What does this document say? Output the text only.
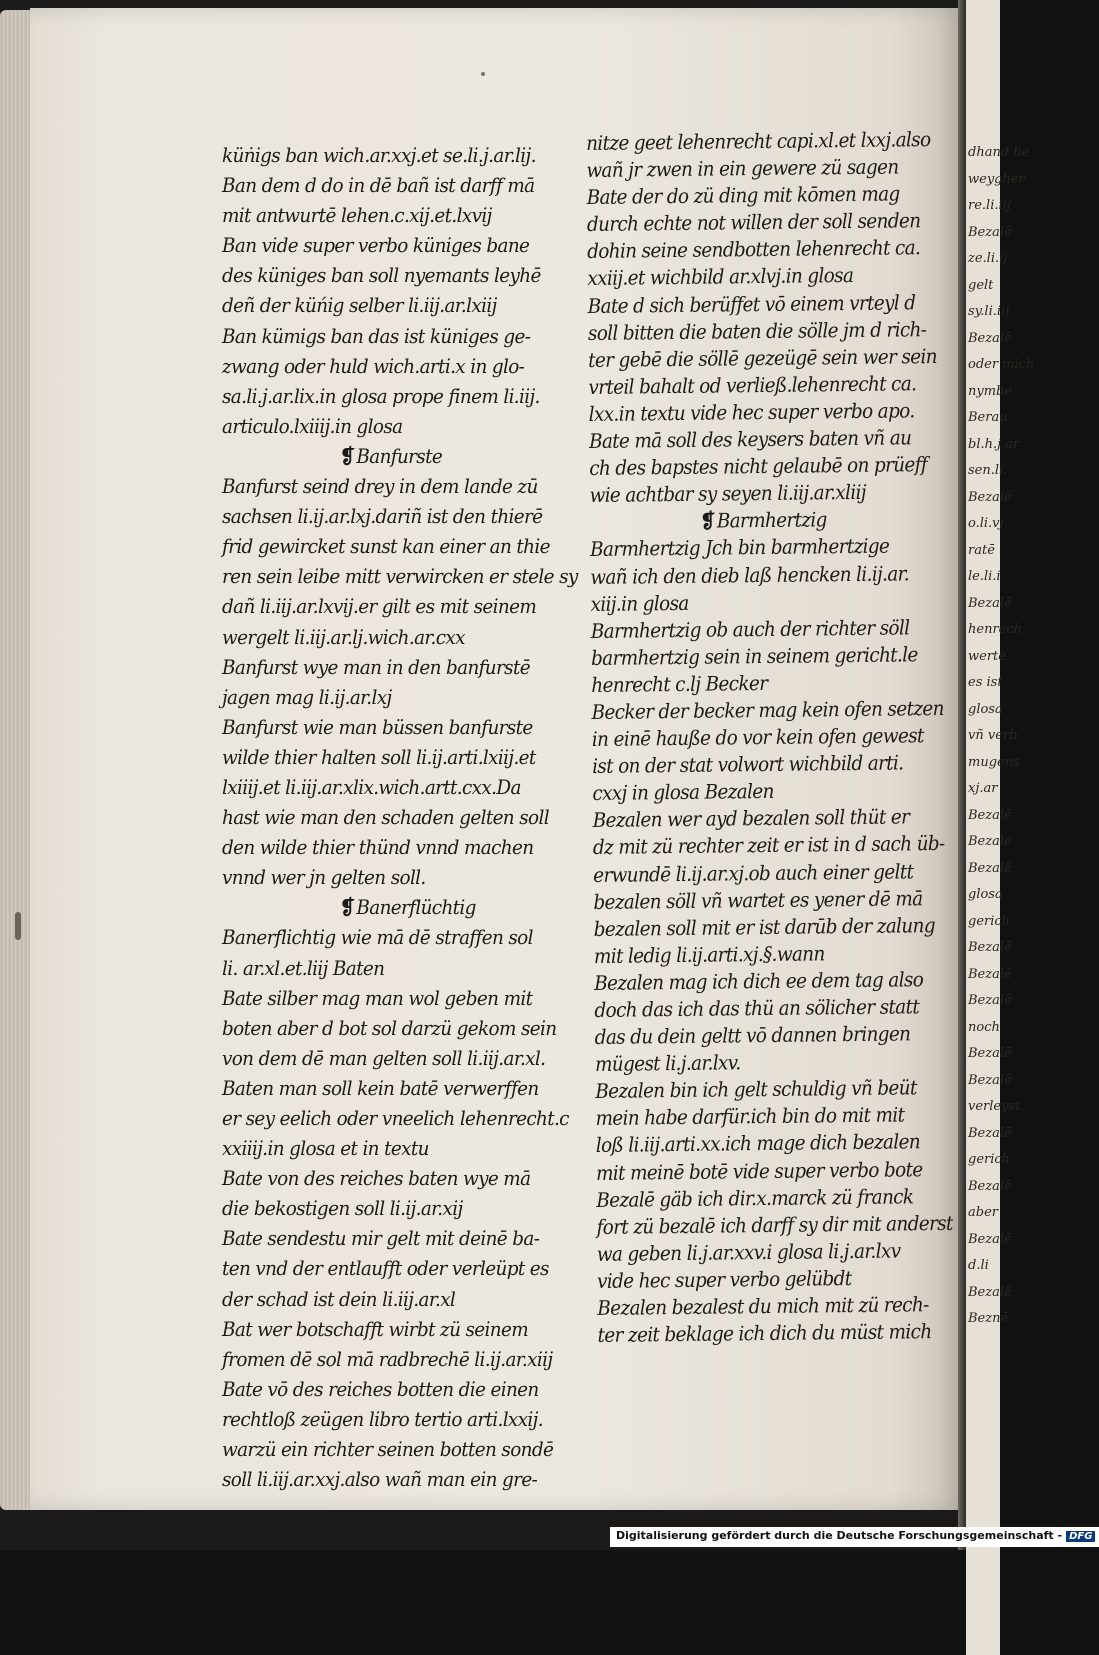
küṅigs ban wich.ar.xxj.et se.li.j.ar.lij.
Ban dem d do in dē bañ ist darff mā
mit antwurtē lehen.c.xij.et.lxvij
Ban vide super verbo küniges bane
des küniges ban soll nyemants leyhē
deñ der küńig selber li.iij.ar.lxiij
Ban kümigs ban das ist küniges ge-
zwang oder huld wich.arti.x in glo-
sa.li.j.ar.lix.in glosa prope finem li.iij.
articulo.lxiiij.in glosa
❡Banfurste
Banfurst seind drey in dem lande zū
sachsen li.ij.ar.lxj.dariñ ist den thierē
frid gewircket sunst kan einer an thie
ren sein leibe mitt verwircken er stele sy
dañ li.iij.ar.lxvij.er gilt es mit seinem
wergelt li.iij.ar.lj.wich.ar.cxx
Banfurst wye man in den banfurstē
jagen mag li.ij.ar.lxj
Banfurst wie man büssen banfurste
wilde thier halten soll li.ij.arti.lxiij.et
lxiiij.et li.iij.ar.xlix.wich.artt.cxx.Da
hast wie man den schaden gelten soll
den wilde thier thünd vnnd machen
vnnd wer jn gelten soll.
❡Banerflüchtig
Banerflichtig wie mā dē straffen sol
li. ar.xl.et.liij Baten
Bate silber mag man wol geben mit
boten aber d bot sol darzü gekom sein
von dem dē man gelten soll li.iij.ar.xl.
Baten man soll kein batē verwerffen
er sey eelich oder vneelich lehenrecht.c
xxiiij.in glosa et in textu
Bate von des reiches baten wye mā
die bekostigen soll li.ij.ar.xij
Bate sendestu mir gelt mit deinē ba-
ten vnd der entlaufft oder verleüpt es
der schad ist dein li.iij.ar.xl
Bat wer botschafft wirbt zü seinem
fromen dē sol mā radbrechē li.ij.ar.xiij
Bate vō des reiches botten die einen
rechtloß zeügen libro tertio arti.lxxij.
warzü ein richter seinen botten sondē
soll li.iij.ar.xxj.also wañ man ein gre-
nitze geet lehenrecht capi.xl.et lxxj.also
wañ jr zwen in ein gewere zü sagen
Bate der do zü ding mit kōmen mag
durch echte not willen der soll senden
dohin seine sendbotten lehenrecht ca.
xxiij.et wichbild ar.xlvj.in glosa
Bate d sich berüffet vō einem vrteyl d
soll bitten die baten die sölle jm d rich-
ter gebē die söllē gezeügē sein wer sein
vrteil bahalt od verließ.lehenrecht ca.
lxx.in textu vide hec super verbo apo.
Bate mā soll des keysers baten vñ au
ch des bapstes nicht gelaubē on prüeff
wie achtbar sy seyen li.iij.ar.xliij
❡Barmhertzig
Barmhertzig Jch bin barmhertzige
wañ ich den dieb laß hencken li.ij.ar.
xiij.in glosa
Barmhertzig ob auch der richter söll
barmhertzig sein in seinem gericht.le
henrecht c.lj Becker
Becker der becker mag kein ofen setzen
in einē hauße do vor kein ofen gewest
ist on der stat volwort wichbild arti.
cxxj in glosa Bezalen
Bezalen wer ayd bezalen soll thüt er
dz mit zü rechter zeit er ist in d sach üb-
erwundē li.ij.ar.xj.ob auch einer geltt
bezalen söll vñ wartet es yener dē mā
bezalen soll mit er ist darūb der zalung
mit ledig li.ij.arti.xj.§.wann
Bezalen mag ich dich ee dem tag also
doch das ich das thü an sölicher statt
das du dein geltt vō dannen bringen
mügest li.j.ar.lxv.
Bezalen bin ich gelt schuldig vñ beüt
mein habe darfür.ich bin do mit mit
loß li.iij.arti.xx.ich mage dich bezalen
mit meinē botē vide super verbo bote
Bezalē gäb ich dir.x.marck zü franck
fort zü bezalē ich darff sy dir mit anderst
wa geben li.j.ar.xxv.i glosa li.j.ar.lxv
vide hec super verbo gelübdt
Bezalen bezalest du mich mit zü rech-
ter zeit beklage ich dich du müst mich
dhand be
weygher
re.li.iij
Bezalē
ze.li.ij
gelt
sy.li.iij
Bezalē
oder mich
nymbe
Berau
bl.h.j.ar
sen.li.
Bezalē
o.li.vj
ratē
le.li.i
Bezalē
henrech
werte
es ist
glosa
vñ verb
mugens
xj.ar
Bezalē
Bezale
Bezalē
glosa
gerich
Bezalē
Bezalē
Bezalē
noch
Bezalē
Bezalē
verleyst
Bezalē
gerich
Bezalē
aber
Bezalē
d.li
Bezalē
Beznē
Digitalisierung gefördert durch die Deutsche Forschungsgemeinschaft - DFG
